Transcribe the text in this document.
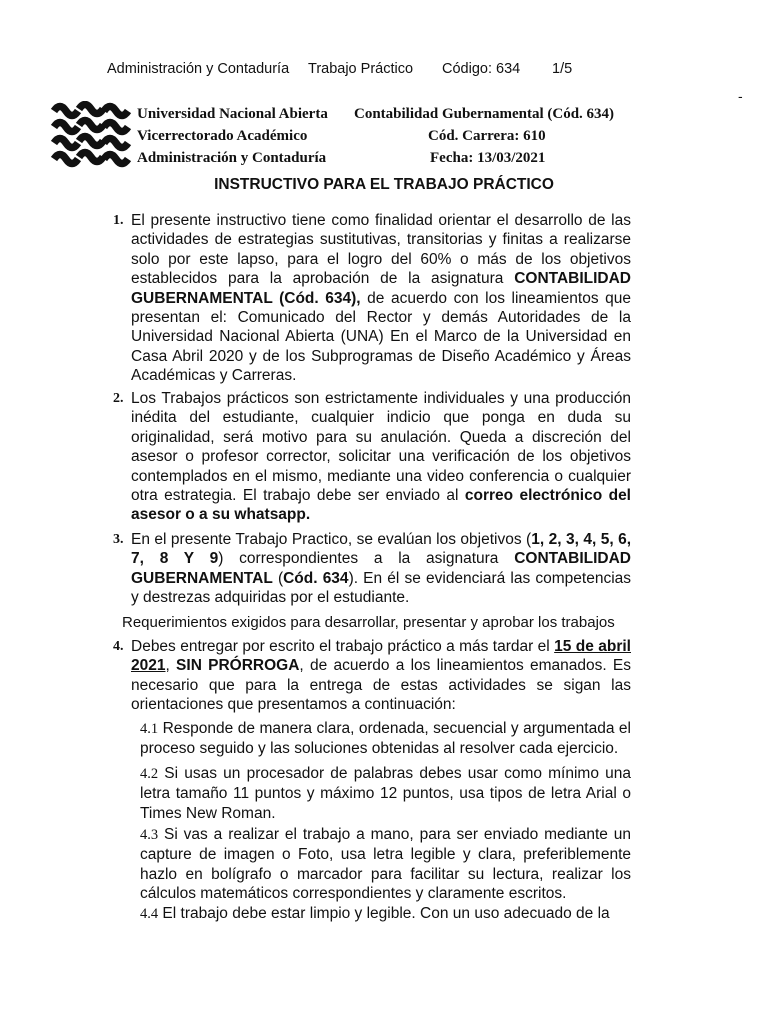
Administración y Contaduría Trabajo Práctico Código: 634 1/5
-
Universidad Nacional Abierta Contabilidad Gubernamental (Cód. 634)
Vicerrectorado Académico	Cód. Carrera: 610
Administración y Contaduría	Fecha: 13/03/2021
INSTRUCTIVO PARA EL TRABAJO PRÁCTICO
1. El presente instructivo tiene como finalidad orientar el desarrollo de las actividades de estrategias sustitutivas, transitorias y finitas a realizarse solo por este lapso, para el logro del 60% o más de los objetivos establecidos para la aprobación de la asignatura CONTABILIDAD GUBERNAMENTAL (Cód. 634), de acuerdo con los lineamientos que presentan el: Comunicado del Rector y demás Autoridades de la Universidad Nacional Abierta (UNA) En el Marco de la Universidad en Casa Abril 2020 y de los Subprogramas de Diseño Académico y Áreas Académicas y Carreras.
2. Los Trabajos prácticos son estrictamente individuales y una producción inédita del estudiante, cualquier indicio que ponga en duda su originalidad, será motivo para su anulación. Queda a discreción del asesor o profesor corrector, solicitar una verificación de los objetivos contemplados en el mismo, mediante una video conferencia o cualquier otra estrategia. El trabajo debe ser enviado al correo electrónico del asesor o a su whatsapp.
3. En el presente Trabajo Practico, se evalúan los objetivos (1, 2, 3, 4, 5, 6, 7, 8 Y 9) correspondientes a la asignatura CONTABILIDAD GUBERNAMENTAL (Cód. 634). En él se evidenciará las competencias y destrezas adquiridas por el estudiante.
Requerimientos exigidos para desarrollar, presentar y aprobar los trabajos
4. Debes entregar por escrito el trabajo práctico a más tardar el 15 de abril 2021, SIN PRÓRROGA, de acuerdo a los lineamientos emanados. Es necesario que para la entrega de estas actividades se sigan las orientaciones que presentamos a continuación:
4.1 Responde de manera clara, ordenada, secuencial y argumentada el proceso seguido y las soluciones obtenidas al resolver cada ejercicio.
4.2 Si usas un procesador de palabras debes usar como mínimo una letra tamaño 11 puntos y máximo 12 puntos, usa tipos de letra Arial o Times New Roman.
4.3 Si vas a realizar el trabajo a mano, para ser enviado mediante un capture de imagen o Foto, usa letra legible y clara, preferiblemente hazlo en bolígrafo o marcador para facilitar su lectura, realizar los cálculos matemáticos correspondientes y claramente escritos.
4.4 El trabajo debe estar limpio y legible. Con un uso adecuado de la
